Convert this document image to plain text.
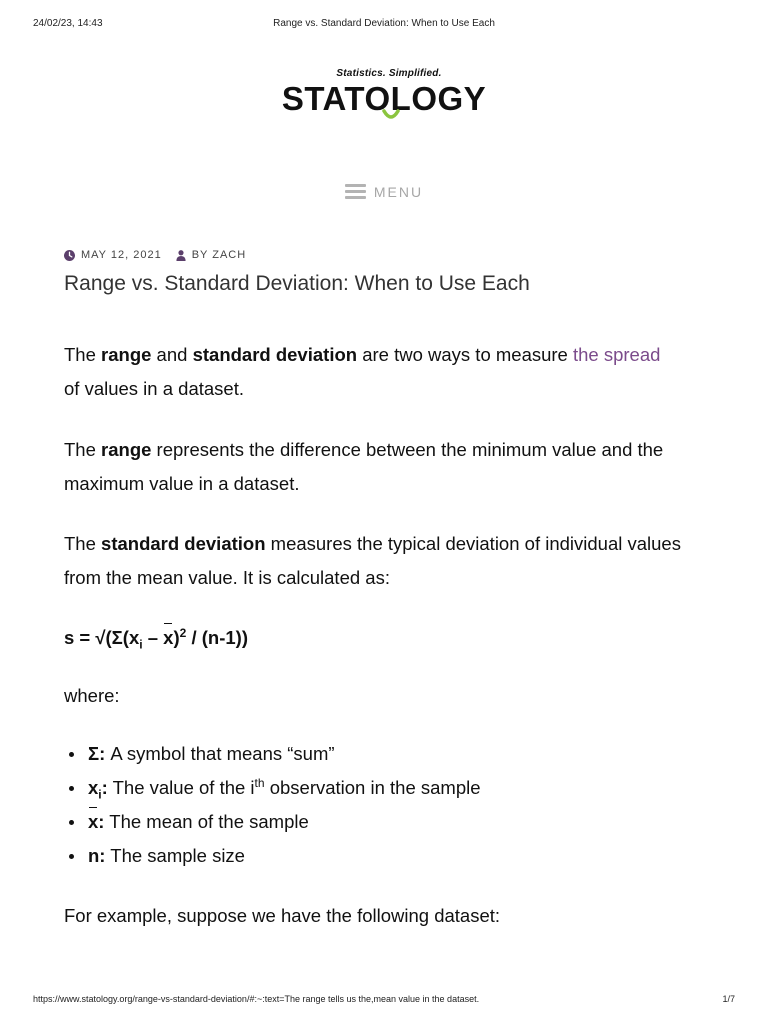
24/02/23, 14:43	Range vs. Standard Deviation: When to Use Each
Statistics. Simplified.
STATOLOGY
MENU
MAY 12, 2021	BY ZACH
Range vs. Standard Deviation: When to Use Each

The range and standard deviation are two ways to measure the spread of values in a dataset.

The range represents the difference between the minimum value and the maximum value in a dataset.

The standard deviation measures the typical deviation of individual values from the mean value. It is calculated as:

$s = √(\Sigma(x_i - x)^2 / (n-1))$

where:

Σ: A symbol that means “sum”
$x_i$: The value of the $i^{th}$ observation in the sample
x: The mean of the sample
n: The sample size

For example, suppose we have the following dataset:

https://www.statology.org/range-vs-standard-deviation/#:~:text=The range tells us the,mean value in the dataset.	1/7
